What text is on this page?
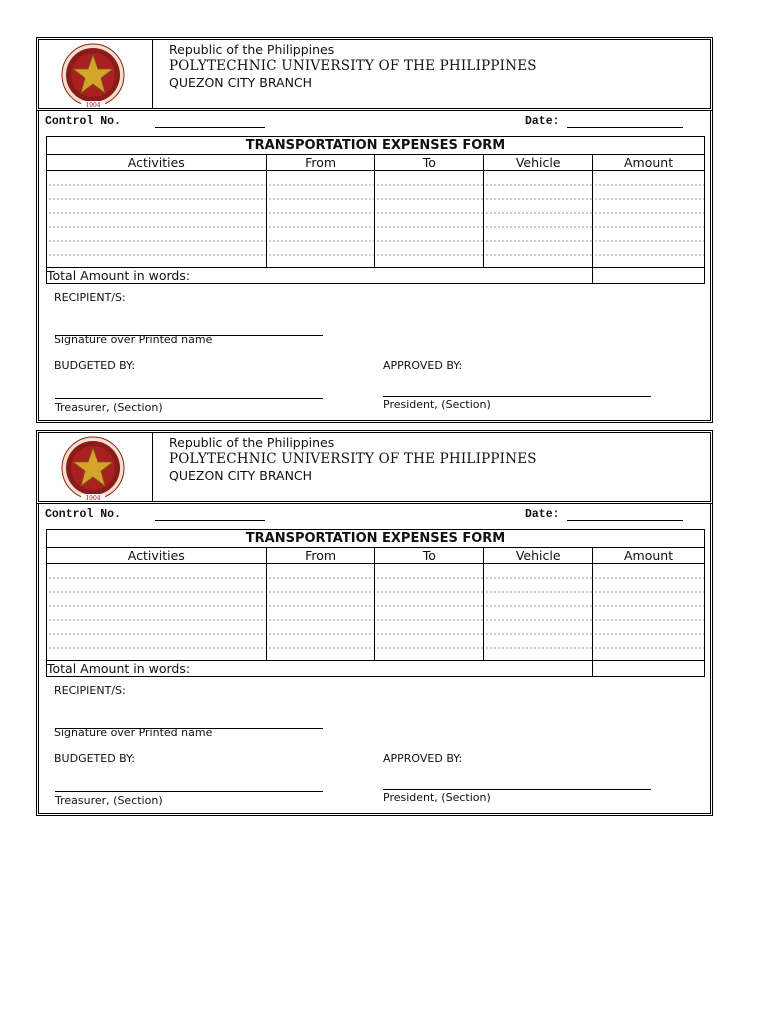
1904
Republic of the Philippines
POLYTECHNIC UNIVERSITY OF THE PHILIPPINES
QUEZON CITY BRANCH
Control No.	Date:
TRANSPORTATION EXPENSES FORM				
Activities	From	To	Vehicle	Amount

Total Amount in words:				
RECIPIENT/S:
Signature over Printed name
BUDGETED BY:	APPROVED BY:
Treasurer, (Section)	President, (Section)
1904
Republic of the Philippines
POLYTECHNIC UNIVERSITY OF THE PHILIPPINES
QUEZON CITY BRANCH
Control No.	Date:
TRANSPORTATION EXPENSES FORM				
Activities	From	To	Vehicle	Amount

Total Amount in words:				
RECIPIENT/S:
Signature over Printed name
BUDGETED BY:	APPROVED BY:
Treasurer, (Section)	President, (Section)
